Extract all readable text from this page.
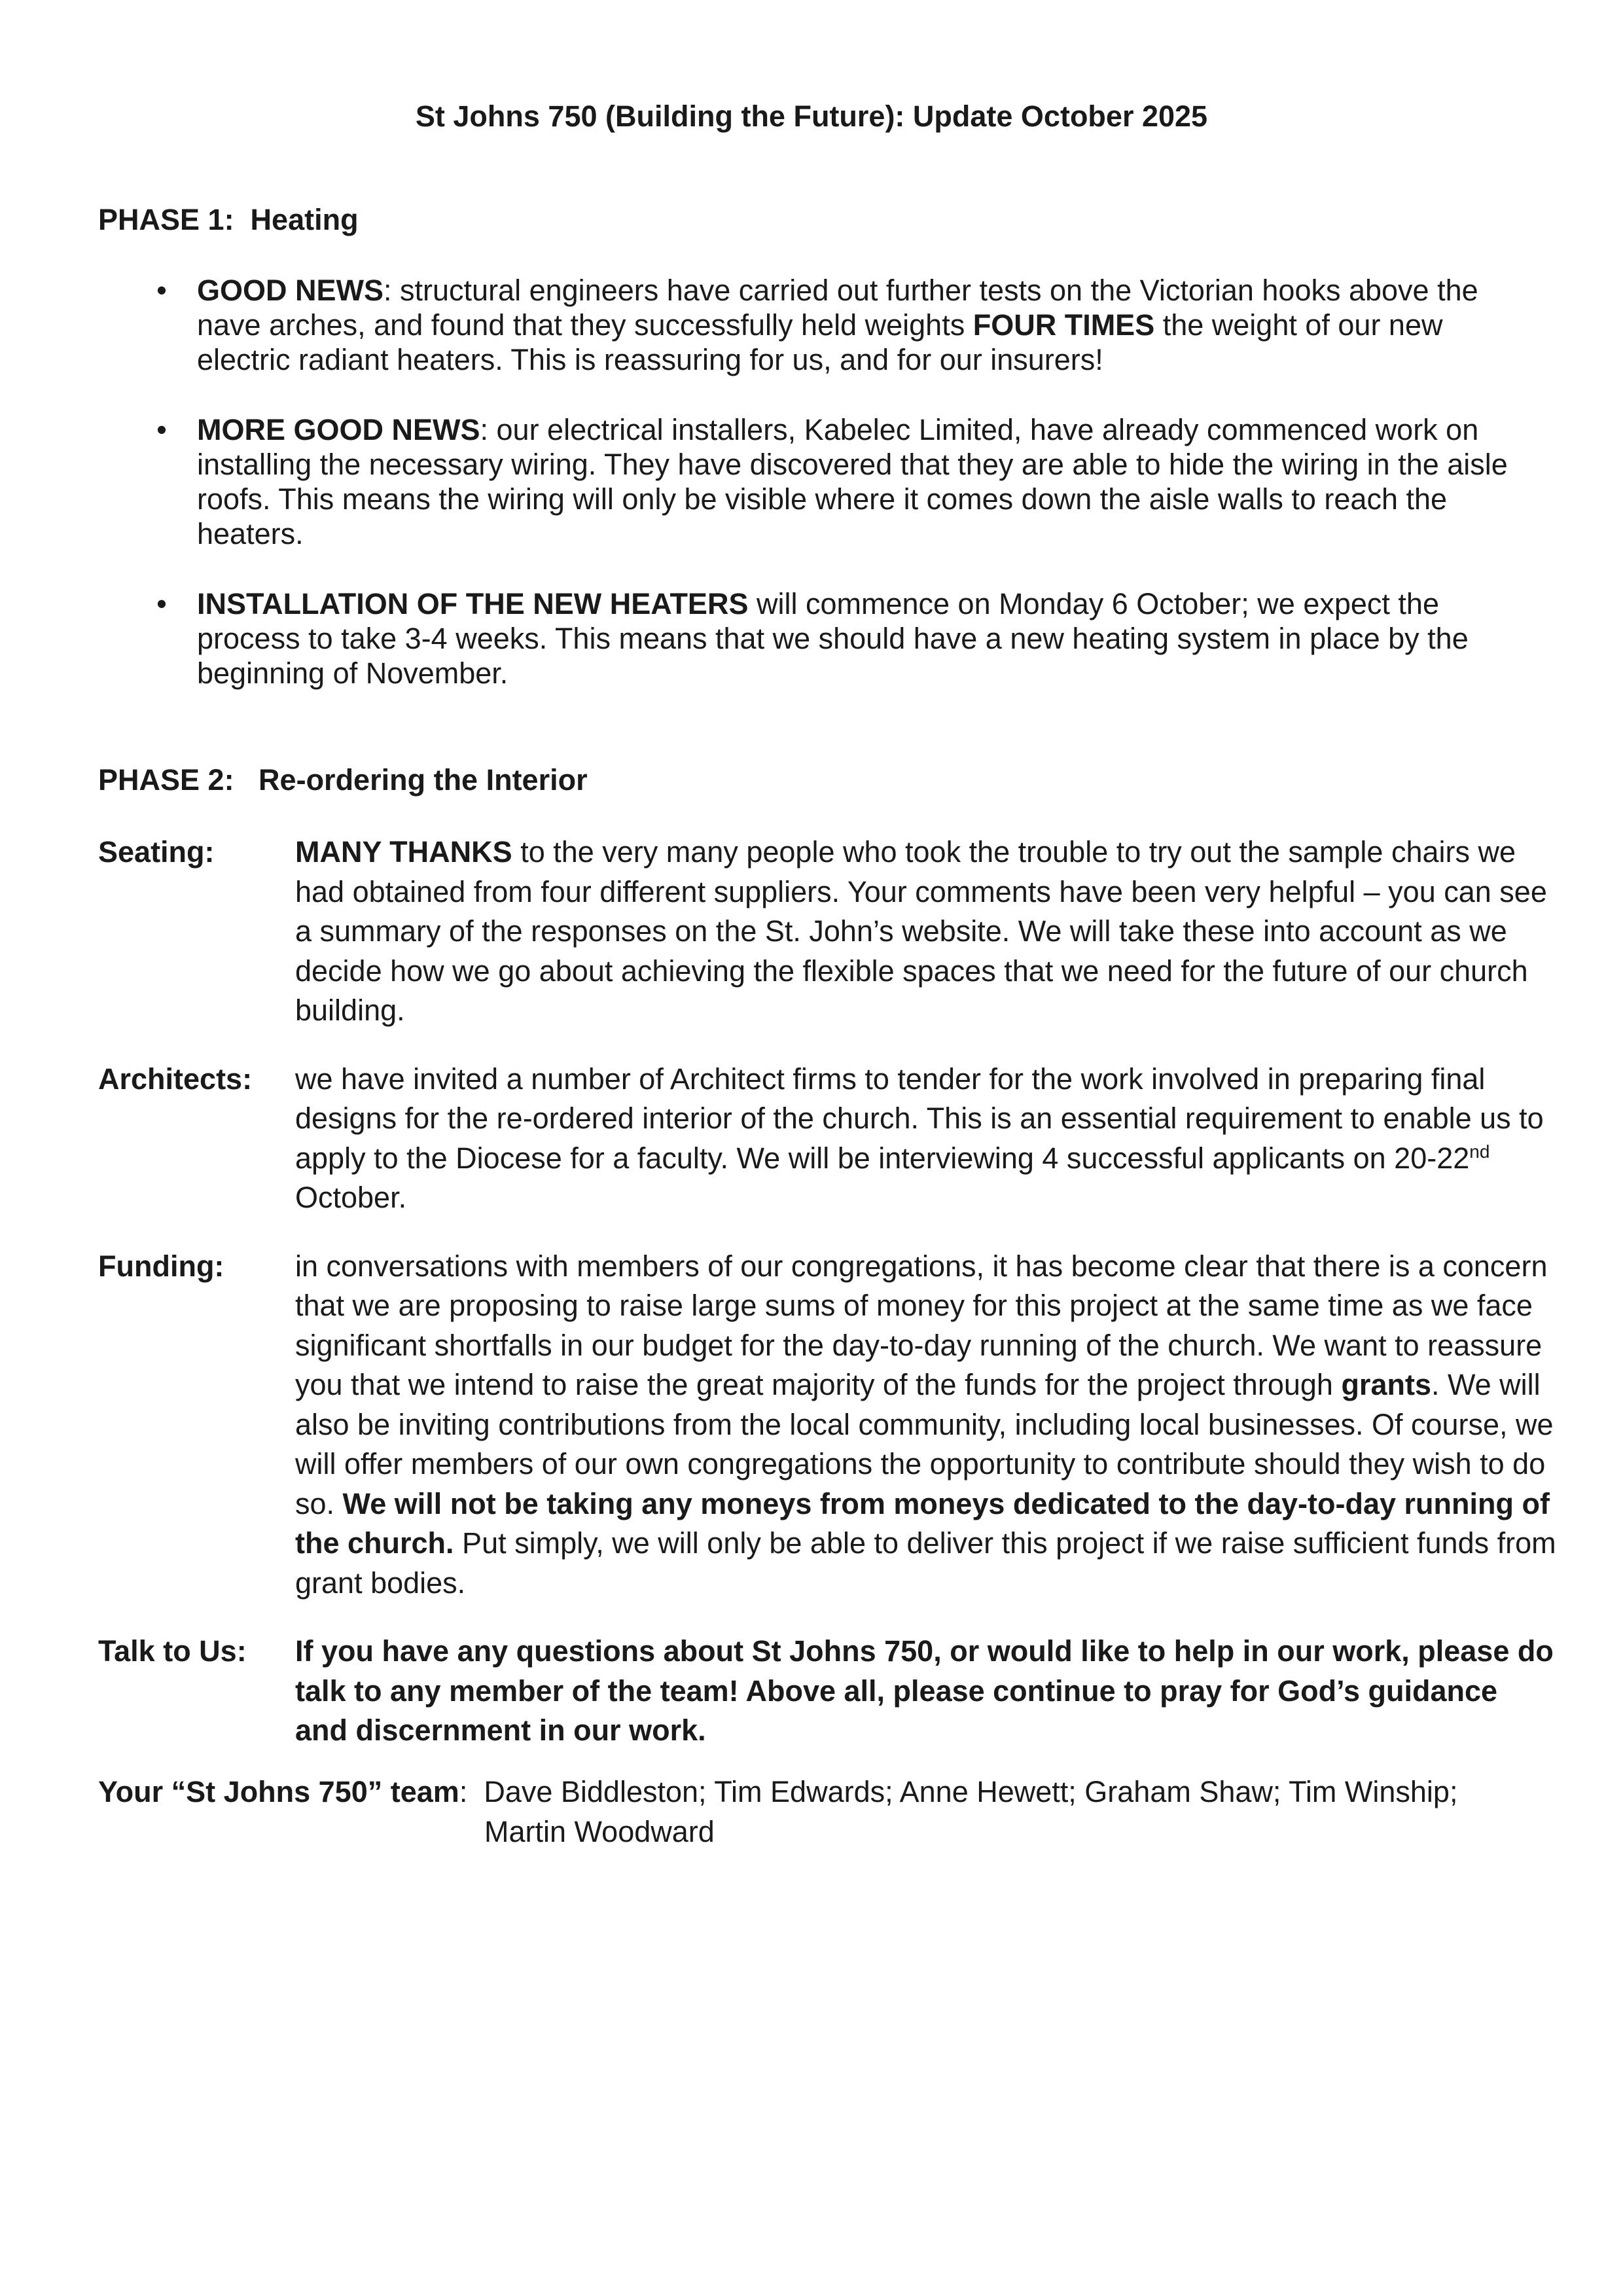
St Johns 750 (Building the Future): Update October 2025
PHASE 1:  Heating
• GOOD NEWS: structural engineers have carried out further tests on the Victorian hooks above the nave arches, and found that they successfully held weights FOUR TIMES the weight of our new electric radiant heaters. This is reassuring for us, and for our insurers!
• MORE GOOD NEWS: our electrical installers, Kabelec Limited, have already commenced work on installing the necessary wiring. They have discovered that they are able to hide the wiring in the aisle roofs. This means the wiring will only be visible where it comes down the aisle walls to reach the heaters.
• INSTALLATION OF THE NEW HEATERS will commence on Monday 6 October; we expect the process to take 3-4 weeks. This means that we should have a new heating system in place by the beginning of November.
PHASE 2:   Re-ordering the Interior
Seating:	MANY THANKS to the very many people who took the trouble to try out the sample chairs we had obtained from four different suppliers. Your comments have been very helpful – you can see a summary of the responses on the St. John’s website. We will take these into account as we decide how we go about achieving the flexible spaces that we need for the future of our church building.
Architects:	we have invited a number of Architect firms to tender for the work involved in preparing final designs for the re-ordered interior of the church. This is an essential requirement to enable us to apply to the Diocese for a faculty. We will be interviewing 4 successful applicants on 20-22nd October.
Funding:	in conversations with members of our congregations, it has become clear that there is a concern that we are proposing to raise large sums of money for this project at the same time as we face significant shortfalls in our budget for the day-to-day running of the church. We want to reassure you that we intend to raise the great majority of the funds for the project through grants. We will also be inviting contributions from the local community, including local businesses. Of course, we will offer members of our own congregations the opportunity to contribute should they wish to do so. We will not be taking any moneys from moneys dedicated to the day-to-day running of the church. Put simply, we will only be able to deliver this project if we raise sufficient funds from grant bodies.
Talk to Us:	If you have any questions about St Johns 750, or would like to help in our work, please do talk to any member of the team! Above all, please continue to pray for God’s guidance and discernment in our work.
Your “St Johns 750” team:  Dave Biddleston; Tim Edwards; Anne Hewett; Graham Shaw; Tim Winship;
Martin Woodward
